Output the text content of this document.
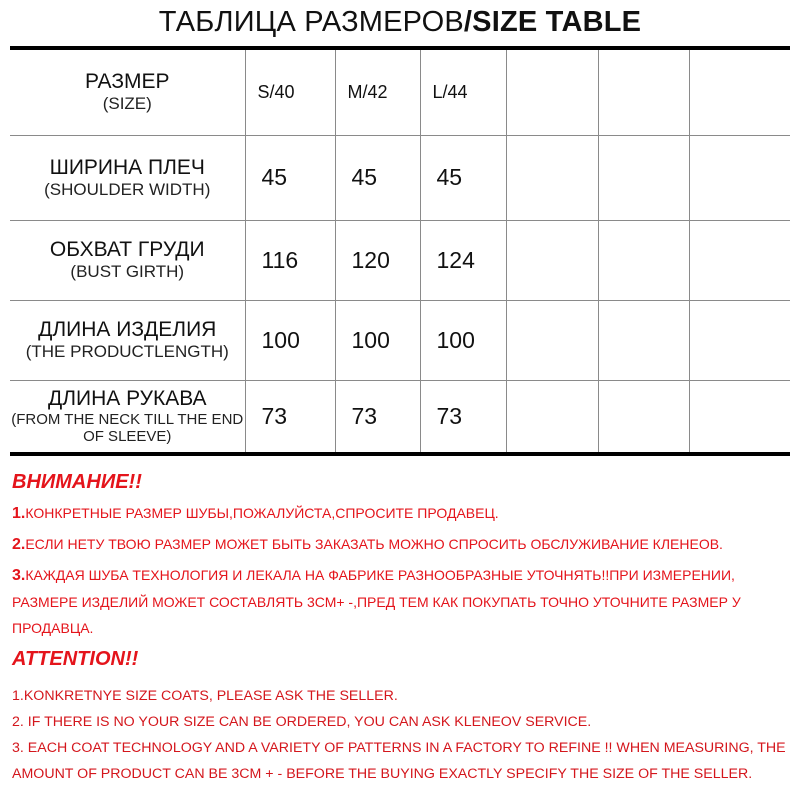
ТАБЛИЦА РАЗМЕРОВ/SIZE TABLE
РАЗМЕР
(SIZE)	S/40	M/42	L/44			

ШИРИНА ПЛЕЧ
(SHOULDER WIDTH)	45	45	45			

ОБХВАТ ГРУДИ
(BUST GIRTH)	116	120	124			

ДЛИНА ИЗДЕЛИЯ
(THE PRODUCTLENGTH)	100	100	100			

ДЛИНА РУКАВА
(FROM THE NECK TILL THE END OF SLEEVE)	73	73	73			

ВНИМАНИЕ!!

1.КОНКРЕТНЫЕ РАЗМЕР ШУБЫ,ПОЖАЛУЙСТА,СПРОСИТЕ ПРОДАВЕЦ.

2.ЕСЛИ НЕТУ ТВОЮ РАЗМЕР МОЖЕТ БЫТЬ ЗАКАЗАТЬ МОЖНО СПРОСИТЬ ОБСЛУЖИВАНИЕ КЛЕНЕОВ.

3.КАЖДАЯ ШУБА ТЕХНОЛОГИЯ И ЛЕКАЛА НА ФАБРИКЕ РАЗНООБРАЗНЫЕ УТОЧНЯТЬ!!ПРИ ИЗМЕРЕНИИ, РАЗМЕРЕ ИЗДЕЛИЙ МОЖЕТ СОСТАВЛЯТЬ 3СМ+ -,ПРЕД ТЕМ КАК ПОКУПАТЬ ТОЧНО УТОЧНИТЕ РАЗМЕР У ПРОДАВЦА.

ATTENTION!!

1.KONKRETNYE SIZE COATS, PLEASE ASK THE SELLER.

2. IF THERE IS NO YOUR SIZE CAN BE ORDERED, YOU CAN ASK KLENEOV SERVICE.

3. EACH COAT TECHNOLOGY AND A VARIETY OF PATTERNS IN A FACTORY TO REFINE !! WHEN MEASURING, THE AMOUNT OF PRODUCT CAN BE 3CM + - BEFORE THE BUYING EXACTLY SPECIFY THE SIZE OF THE SELLER.
